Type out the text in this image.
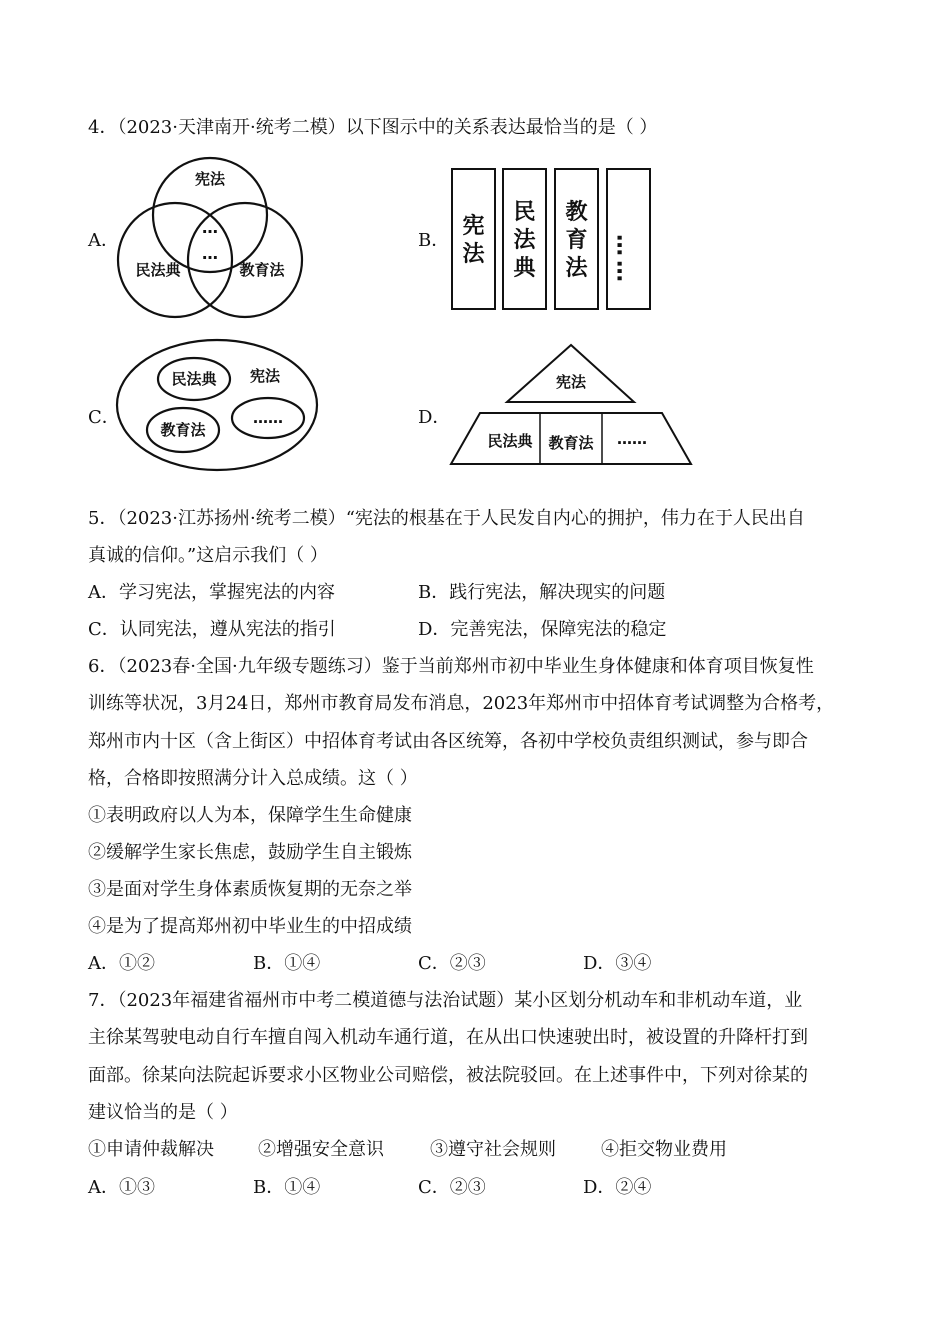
4．（2023·天津南开·统考二模）以下图示中的关系表达最恰当的是（ ）
A．	B．
C．	D．
宪法
民法典	教育法
…
…
宪法
民法典
教育法
… …
宪法
民法典
教育法
……
宪法
民法典 教育法 ……
5．（2023·江苏扬州·统考二模）“宪法的根基在于人民发自内心的拥护，伟力在于人民出自
真诚的信仰。”这启示我们（ ）
A．学习宪法，掌握宪法的内容	B．践行宪法，解决现实的问题
C．认同宪法，遵从宪法的指引	D．完善宪法，保障宪法的稳定
6．（2023春·全国·九年级专题练习）鉴于当前郑州市初中毕业生身体健康和体育项目恢复性
训练等状况，3月24日，郑州市教育局发布消息，2023年郑州市中招体育考试调整为合格考，
郑州市内十区（含上街区）中招体育考试由各区统筹，各初中学校负责组织测试，参与即合
格，合格即按照满分计入总成绩。这（ ）
①表明政府以人为本，保障学生生命健康
②缓解学生家长焦虑，鼓励学生自主锻炼
③是面对学生身体素质恢复期的无奈之举
④是为了提高郑州初中毕业生的中招成绩
A．①②	B．①④	C．②③	D．③④
7．（2023年福建省福州市中考二模道德与法治试题）某小区划分机动车和非机动车道，业
主徐某驾驶电动自行车擅自闯入机动车通行道，在从出口快速驶出时，被设置的升降杆打到
面部。徐某向法院起诉要求小区物业公司赔偿，被法院驳回。在上述事件中，下列对徐某的
建议恰当的是（ ）
①申请仲裁解决 ②增强安全意识	③遵守社会规则	④拒交物业费用
A．①③	B．①④	C．②③	D．②④
